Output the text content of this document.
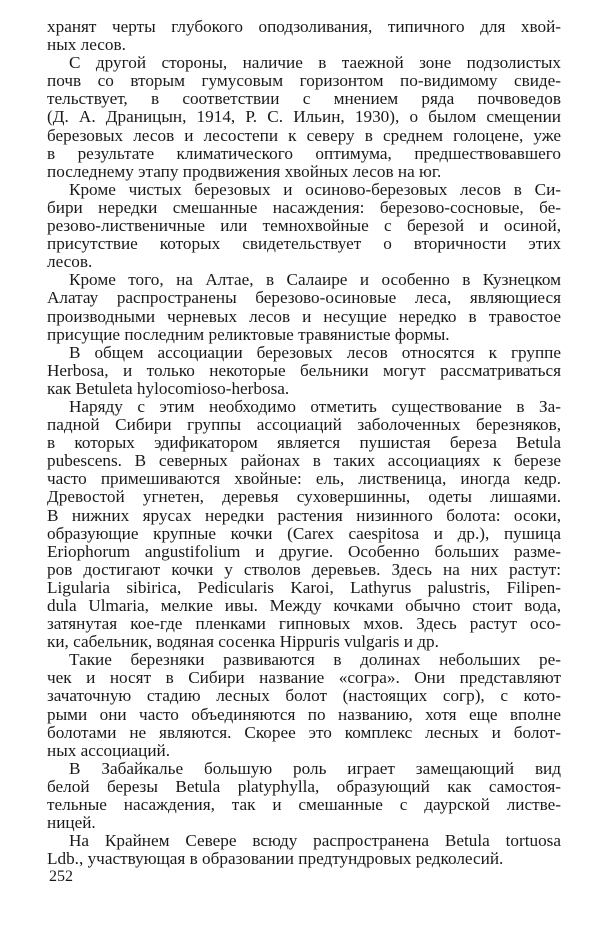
хранят черты глубокого оподзоливания, типичного для хвой-
ных лесов.
С другой стороны, наличие в таежной зоне подзолистых
почв со вторым гумусовым горизонтом по-видимому свиде-
тельствует, в соответствии с мнением ряда почвоведов
(Д. А. Драницын, 1914, Р. С. Ильин, 1930), о былом смещении
березовых лесов и лесостепи к северу в среднем голоцене, уже
в результате климатического оптимума, предшествовавшего
последнему этапу продвижения хвойных лесов на юг.
Кроме чистых березовых и осиново-березовых лесов в Си-
бири нередки смешанные насаждения: березово-сосновые, бе-
резово-лиственичные или темнохвойные с березой и осиной,
присутствие которых свидетельствует о вторичности этих
лесов.
Кроме того, на Алтае, в Салаире и особенно в Кузнецком
Алатау распространены березово-осиновые леса, являющиеся
производными черневых лесов и несущие нередко в травостое
присущие последним реликтовые травянистые формы.
В общем ассоциации березовых лесов относятся к группе
Herbosa, и только некоторые бельники могут рассматриваться
как Betuleta hylocomioso-herbosa.
Наряду с этим необходимо отметить существование в За-
падной Сибири группы ассоциаций заболоченных березняков,
в которых эдификатором является пушистая береза Betula
pubescens. В северных районах в таких ассоциациях к березе
часто примешиваются хвойные: ель, лиственица, иногда кедр.
Древостой угнетен, деревья суховершинны, одеты лишаями.
В нижних ярусах нередки растения низинного болота: осоки,
образующие крупные кочки (Carex caespitosa и др.), пушица
Eriophorum angustifolium и другие. Особенно больших разме-
ров достигают кочки у стволов деревьев. Здесь на них растут:
Ligularia sibirica, Pedicularis Karoi, Lathyrus palustris, Filipen-
dula Ulmaria, мелкие ивы. Между кочками обычно стоит вода,
затянутая кое-где пленками гипновых мхов. Здесь растут осо-
ки, сабельник, водяная сосенка Hippuris vulgaris и др.
Такие березняки развиваются в долинах небольших ре-
чек и носят в Сибири название «согра». Они представляют
зачаточную стадию лесных болот (настоящих согр), с кото-
рыми они часто объединяются по названию, хотя еще вполне
болотами не являются. Скорее это комплекс лесных и болот-
ных ассоциаций.
В Забайкалье большую роль играет замещающий вид
белой березы Betula platyphylla, образующий как самостоя-
тельные насаждения, так и смешанные с даурской листве-
ницей.
На Крайнем Севере всюду распространена Betula tortuosa
Ldb., участвующая в образовании предтундровых редколесий.
252
